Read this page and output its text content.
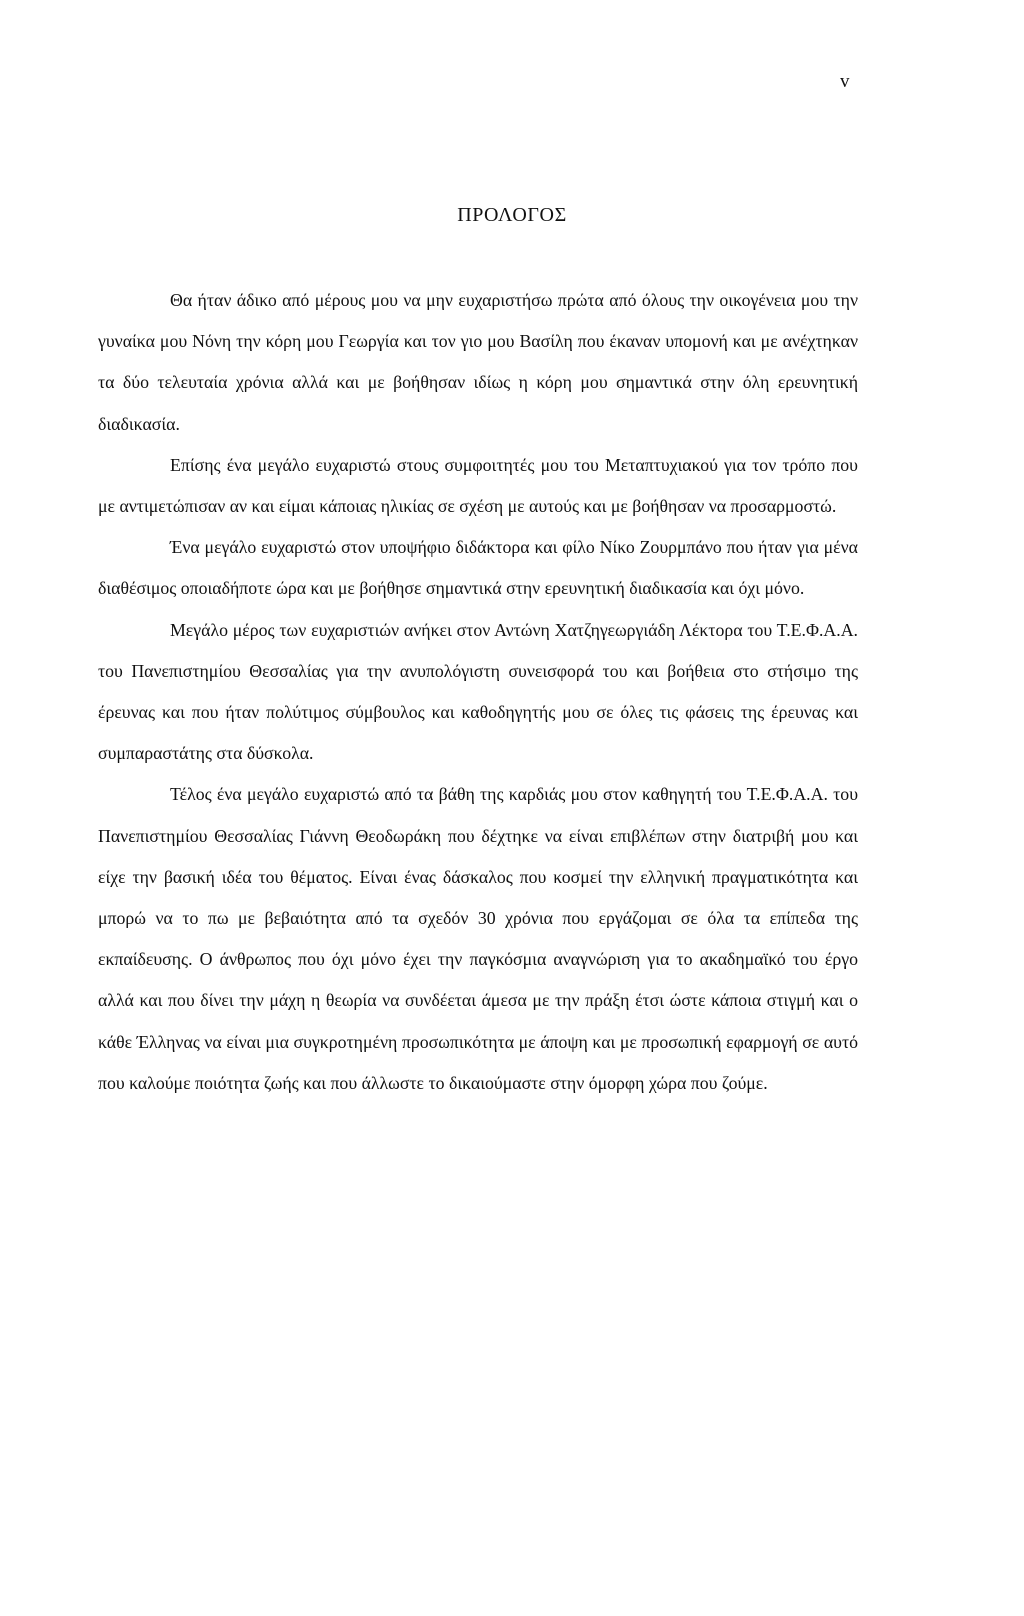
v
ΠΡΟΛΟΓΟΣ

Θα ήταν άδικο από μέρους μου να μην ευχαριστήσω πρώτα από όλους την οικογένεια μου την γυναίκα μου Νόνη την κόρη μου Γεωργία και τον γιο μου Βασίλη που έκαναν υπομονή και με ανέχτηκαν τα δύο τελευταία χρόνια αλλά και με βοήθησαν ιδίως η κόρη μου σημαντικά στην όλη ερευνητική διαδικασία.

Επίσης ένα μεγάλο ευχαριστώ στους συμφοιτητές μου του Μεταπτυχιακού για τον τρόπο που με αντιμετώπισαν αν και είμαι κάποιας ηλικίας σε σχέση με αυτούς και με βοήθησαν να προσαρμοστώ.

Ένα μεγάλο ευχαριστώ στον υποψήφιο διδάκτορα και φίλο Νίκο Ζουρμπάνο που ήταν για μένα διαθέσιμος οποιαδήποτε ώρα και με βοήθησε σημαντικά στην ερευνητική διαδικασία και όχι μόνο.

Μεγάλο μέρος των ευχαριστιών ανήκει στον Αντώνη Χατζηγεωργιάδη Λέκτορα του Τ.Ε.Φ.Α.Α. του Πανεπιστημίου Θεσσαλίας για την ανυπολόγιστη συνεισφορά του και βοήθεια στο στήσιμο της έρευνας και που ήταν πολύτιμος σύμβουλος και καθοδηγητής μου σε όλες τις φάσεις της έρευνας και συμπαραστάτης στα δύσκολα.

Τέλος ένα μεγάλο ευχαριστώ από τα βάθη της καρδιάς μου στον καθηγητή του Τ.Ε.Φ.Α.Α. του Πανεπιστημίου Θεσσαλίας Γιάννη Θεοδωράκη που δέχτηκε να είναι επιβλέπων στην διατριβή μου και είχε την βασική ιδέα του θέματος. Είναι ένας δάσκαλος που κοσμεί την ελληνική πραγματικότητα και μπορώ να το πω με βεβαιότητα από τα σχεδόν 30 χρόνια που εργάζομαι σε όλα τα επίπεδα της εκπαίδευσης. Ο άνθρωπος που όχι μόνο έχει την παγκόσμια αναγνώριση για το ακαδημαϊκό του έργο αλλά και που δίνει την μάχη η θεωρία να συνδέεται άμεσα με την πράξη έτσι ώστε κάποια στιγμή και ο κάθε Έλληνας να είναι μια συγκροτημένη προσωπικότητα με άποψη και με προσωπική εφαρμογή σε αυτό που καλούμε ποιότητα ζωής και που άλλωστε το δικαιούμαστε στην όμορφη χώρα που ζούμε.
